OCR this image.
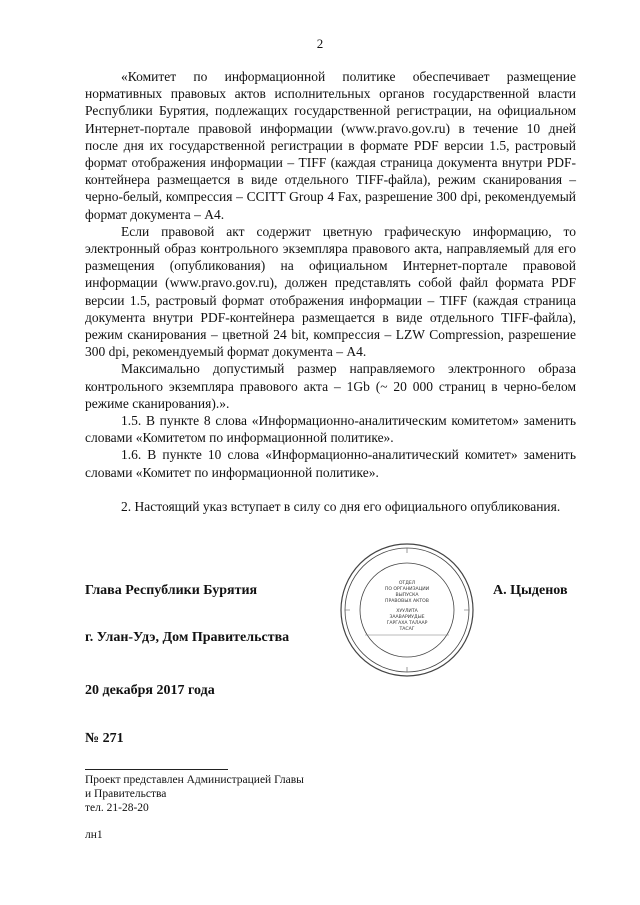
2

«Комитет по информационной политике обеспечивает размещение нормативных правовых актов исполнительных органов государственной власти Республики Бурятия, подлежащих государственной регистрации, на официальном Интернет-портале правовой информации (www.pravo.gov.ru) в течение 10 дней после дня их государственной регистрации в формате PDF версии 1.5, растровый формат отображения информации – TIFF (каждая страница документа внутри PDF-контейнера размещается в виде отдельного TIFF-файла), режим сканирования – черно-белый, компрессия – CCITT Group 4 Fax, разрешение 300 dpi, рекомендуемый формат документа – А4.

Если правовой акт содержит цветную графическую информацию, то электронный образ контрольного экземпляра правового акта, направляемый для его размещения (опубликования) на официальном Интернет-портале правовой информации (www.pravo.gov.ru), должен представлять собой файл формата PDF версии 1.5, растровый формат отображения информации – TIFF (каждая страница документа внутри PDF-контейнера размещается в виде отдельного TIFF-файла), режим сканирования – цветной 24 bit, компрессия – LZW Compression, разрешение 300 dpi, рекомендуемый формат документа – А4.

Максимально допустимый размер направляемого электронного образа контрольного экземпляра правового акта – 1Gb (~ 20 000 страниц в черно-белом режиме сканирования).».

1.5. В пункте 8 слова «Информационно-аналитическим комитетом» заменить словами «Комитетом по информационной политике».

1.6. В пункте 10 слова «Информационно-аналитический комитет» заменить словами «Комитет по информационной политике».

2. Настоящий указ вступает в силу со дня его официального опубликования.

ОТДЕЛ
ПО ОРГАНИЗАЦИИ
ВЫПУСКА
ПРАВОВЫХ АКТОВ
ХУУЛИТА
ЗААВАРИУДЫЕ
ГАРГАХА ТАЛААР
ТАСАГ
Глава Республики Бурятия	А. Цыденов
г. Улан-Удэ, Дом Правительства
20 декабря 2017 года
№ 271
Проект представлен Администрацией Главы
и Правительства
тел. 21-28-20
лн1
